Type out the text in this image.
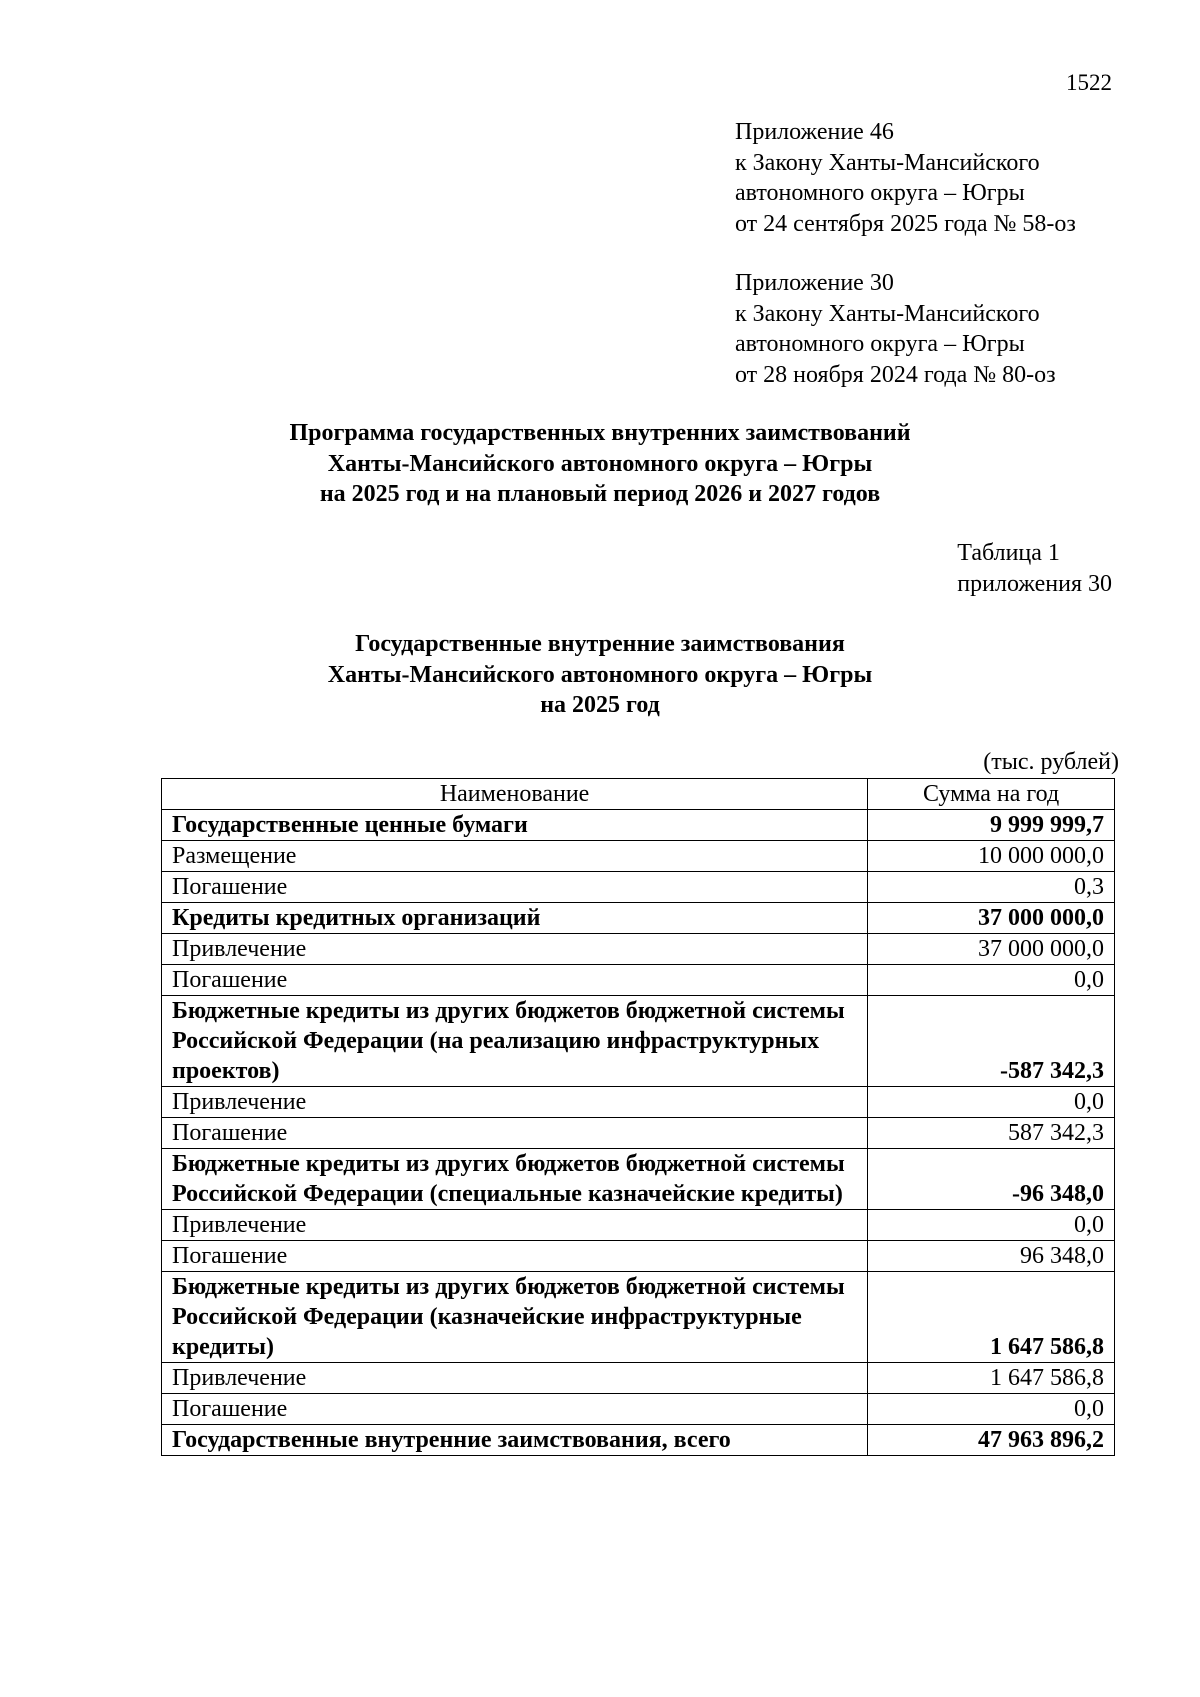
1522
Приложение 46
к Закону Ханты-Мансийского
автономного округа – Югры
от 24 сентября 2025 года № 58-оз
Приложение 30
к Закону Ханты-Мансийского
автономного округа – Югры
от 28 ноября 2024 года № 80-оз
Программа государственных внутренних заимствований
Ханты-Мансийского автономного округа – Югры
на 2025 год и на плановый период 2026 и 2027 годов
Таблица 1
приложения 30
Государственные внутренние заимствования
Ханты-Мансийского автономного округа – Югры
на 2025 год
(тыс. рублей)
Наименование	Сумма на год
Государственные ценные бумаги	9 999 999,7
Размещение	10 000 000,0
Погашение	0,3
Кредиты кредитных организаций	37 000 000,0
Привлечение	37 000 000,0
Погашение	0,0
Бюджетные кредиты из других бюджетов бюджетной системы Российской Федерации (на реализацию инфраструктурных проектов)	-587 342,3
Привлечение	0,0
Погашение	587 342,3
Бюджетные кредиты из других бюджетов бюджетной системы Российской Федерации (специальные казначейские кредиты)	-96 348,0
Привлечение	0,0
Погашение	96 348,0
Бюджетные кредиты из других бюджетов бюджетной системы Российской Федерации (казначейские инфраструктурные кредиты)	1 647 586,8
Привлечение	1 647 586,8
Погашение	0,0
Государственные внутренние заимствования, всего	47 963 896,2
